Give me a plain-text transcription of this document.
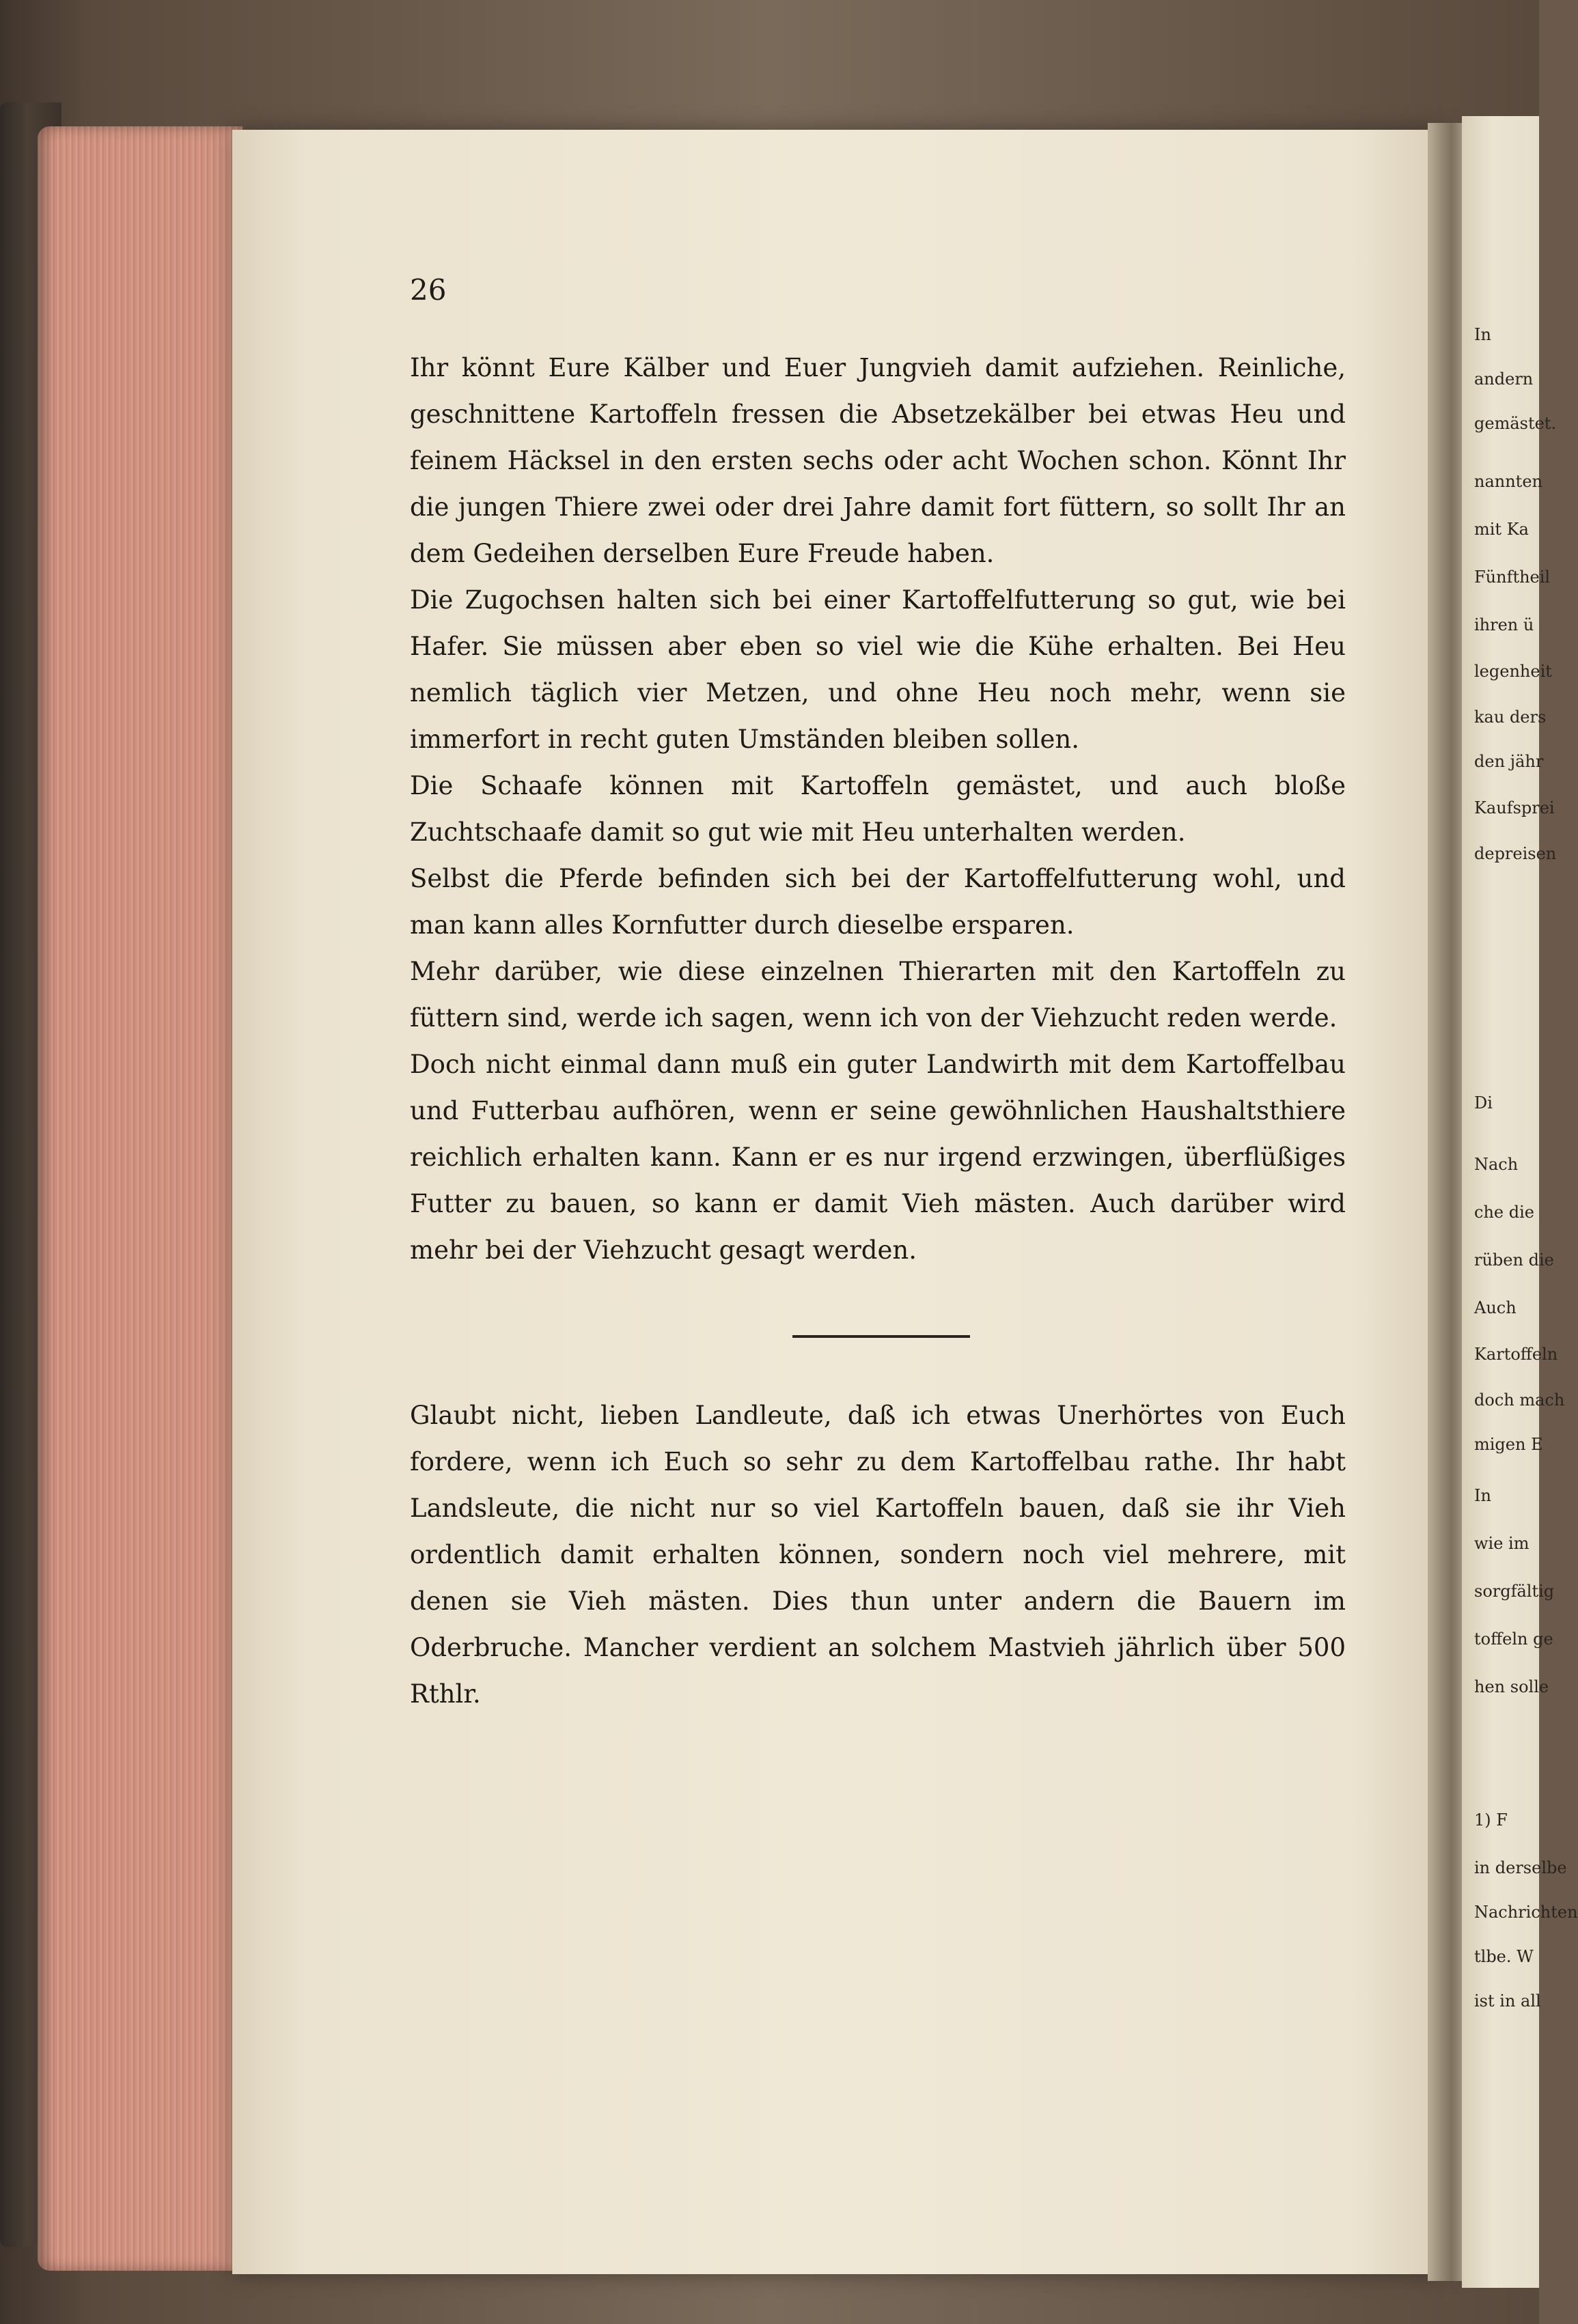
26

Ihr könnt Eure Kälber und Euer Jungvieh damit aufziehen. Reinliche, geschnittene Kartoffeln fressen die Absetzekälber bei etwas Heu und feinem Häcksel in den ersten sechs oder acht Wochen schon. Könnt Ihr die jungen Thiere zwei oder drei Jahre damit fort füttern, so sollt Ihr an dem Gedeihen derselben Eure Freude haben.

Die Zugochsen halten sich bei einer Kartoffelfutterung so gut, wie bei Hafer. Sie müssen aber eben so viel wie die Kühe erhalten. Bei Heu nemlich täglich vier Metzen, und ohne Heu noch mehr, wenn sie immerfort in recht guten Umständen bleiben sollen.

Die Schaafe können mit Kartoffeln gemästet, und auch bloße Zuchtschaafe damit so gut wie mit Heu unterhalten werden.

Selbst die Pferde befinden sich bei der Kartoffelfutterung wohl, und man kann alles Kornfutter durch dieselbe ersparen.

Mehr darüber, wie diese einzelnen Thierarten mit den Kartoffeln zu füttern sind, werde ich sagen, wenn ich von der Viehzucht reden werde.

Doch nicht einmal dann muß ein guter Landwirth mit dem Kartoffelbau und Futterbau aufhören, wenn er seine gewöhnlichen Haushaltsthiere reichlich erhalten kann. Kann er es nur irgend erzwingen, überflüßiges Futter zu bauen, so kann er damit Vieh mästen. Auch darüber wird mehr bei der Viehzucht gesagt werden.

Glaubt nicht, lieben Landleute, daß ich etwas Unerhörtes von Euch fordere, wenn ich Euch so sehr zu dem Kartoffelbau rathe. Ihr habt Landsleute, die nicht nur so viel Kartoffeln bauen, daß sie ihr Vieh ordentlich damit erhalten können, sondern noch viel mehrere, mit denen sie Vieh mästen. Dies thun unter andern die Bauern im Oderbruche. Mancher verdient an solchem Mastvieh jährlich über 500 Rthlr.

In
andern
gemästet.
nannten
mit Ka
Fünftheil
ihren ü
legenheit
kau ders
den jähr
Kaufsprei
depreisen
Di
Nach
che die
rüben die
Auch
Kartoffeln
doch mach
migen E
In
wie im
sorgfältig
toffeln ge
hen solle
1) F
in derselbe
Nachrichten
tlbe. W
ist in all
